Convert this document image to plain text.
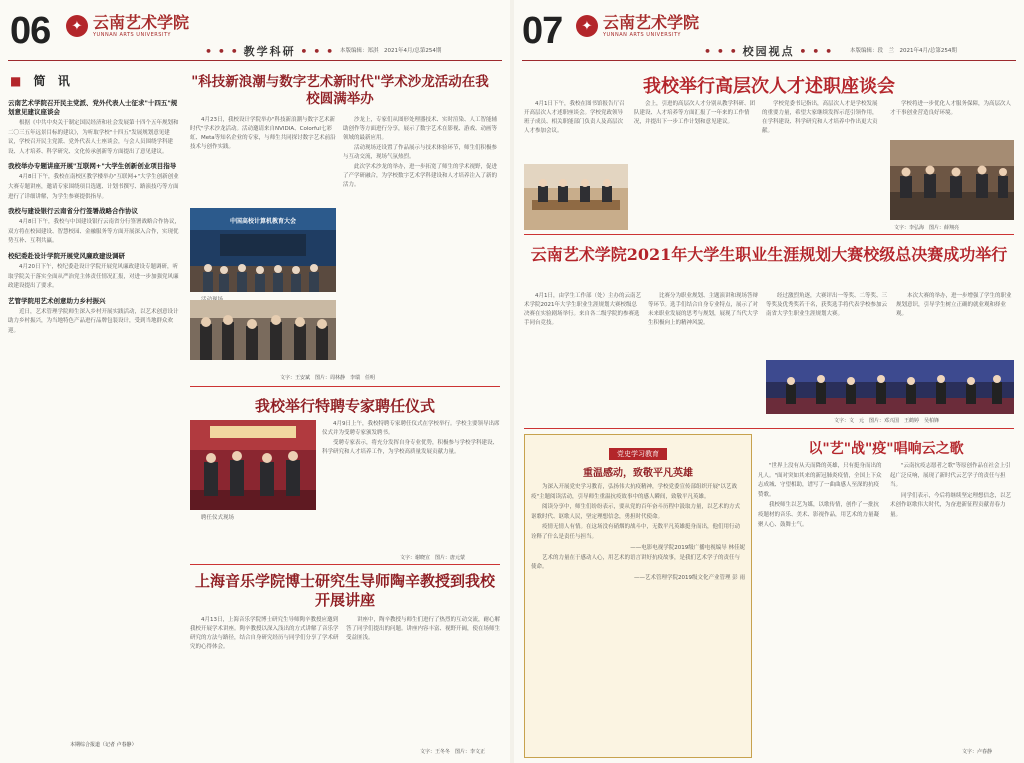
06	✦ 云南艺术学院
YUNNAN ARTS UNIVERSITY
• • • 教学科研 • • • 本版编辑：郑淇　2021年4月/总第254期
■ 简 讯
云南艺术学院召开民主党派、党外代表人士征求"十四五"规划意见建议座谈会

根据《中共中央关于制定国民经济和社会发展第十四个五年规划和二〇三五年远景目标的建议》，为听取学校"十四五"发展规划意见建议，学校召开民主党派、党外代表人士座谈会，与会人员围绕学科建设、人才培养、科学研究、文化传承创新等方面提出了意见建议。

我校举办专题讲座开展"互联网+"大学生创新创业项目指导

4月8日下午，我校在南校区教学楼举办"互联网+"大学生创新创业大赛专题讲座，邀请专家围绕项目选题、计划书撰写、路演技巧等方面进行了详细讲解，为学生参赛提供指导。

我校与建设银行云南省分行签署战略合作协议

4月8日下午，我校与中国建设银行云南省分行签署战略合作协议，双方将在校园建设、智慧校园、金融服务等方面开展深入合作，实现优势互补、互利共赢。

校纪委赴设计学院开展党风廉政建设调研

4月20日下午，校纪委赴设计学院开展党风廉政建设专题调研，听取学院关于落实全面从严治党主体责任情况汇报，对进一步加强党风廉政建设提出了要求。

艺管学院用艺术创意助力乡村振兴

近日，艺术管理学院师生深入乡村开展实践活动，以艺术创意设计助力乡村振兴，为当地特色产品进行品牌包装设计，受到当地群众欢迎。

本期综合报道（记者 卢春静）
"科技新浪潮与数字艺术新时代"学术沙龙活动在我校圆满举办

4月23日，我校设计学院举办"科技新浪潮与数字艺术新时代"学术沙龙活动。活动邀请来自NVIDIA、Colorful七彩虹、Meta等知名企业的专家，与师生共同探讨数字艺术前沿技术与创作实践。

沙龙上，专家们从图形处理器技术、实时渲染、人工智能辅助创作等方面进行分享，展示了数字艺术在影视、游戏、动画等领域的最新应用。

活动现场还设置了作品展示与技术体验环节，师生们积极参与互动交流，现场气氛热烈。

此次学术沙龙的举办，进一步拓宽了师生的学术视野，促进了产学研融合，为学校数字艺术学科建设和人才培养注入了新的活力。

中国高校计算机教育大会

文字：王安斌　图片：周林静　李瑞　任明
我校举行特聘专家聘任仪式

4月9日上午，我校特聘专家聘任仪式在学校举行。学校主要领导出席仪式并为受聘专家颁发聘书。

受聘专家表示，将充分发挥自身专业优势，积极参与学校学科建设、科学研究和人才培养工作，为学校高质量发展贡献力量。

聘任仪式现场

文字：谢晓宣　图片：唐元蒙
上海音乐学院博士研究生导师陶辛教授到我校开展讲座

4月13日，上海音乐学院博士研究生导师陶辛教授应邀到我校开展学术讲座。陶辛教授以深入浅出的方式讲解了音乐学研究的方法与路径，结合自身研究经历与同学们分享了学术研究的心得体会。

讲座中，陶辛教授与师生们进行了热烈的互动交流，耐心解答了同学们提出的问题。讲座内容丰富、视野开阔，使在场师生受益匪浅。

文字：王冬冬　图片：李文正
07	✦ 云南艺术学院
YUNNAN ARTS UNIVERSITY
• • • 校园视点 • • •	本版编辑：段　兰　2021年4月/总第254期
我校举行高层次人才述职座谈会

4月1日下午，我校在图书馆报告厅召开高层次人才述职座谈会。学校党政领导班子成员、相关职能部门负责人及高层次人才参加会议。

会上，引进的高层次人才分别从教学科研、团队建设、人才培养等方面汇报了一年来的工作情况，并提出下一步工作计划和意见建议。

学校党委书记指出，高层次人才是学校发展的重要力量，希望大家继续发挥示范引领作用，在学科建设、科学研究和人才培养中作出更大贡献。

学校将进一步优化人才服务保障，为高层次人才干事创业营造良好环境。

文字：李弘海　图片：薛翔亮
云南艺术学院2021年大学生职业生涯规划大赛校级总决赛成功举行

4月1日，由学生工作部（处）主办的云南艺术学院2021年大学生职业生涯规划大赛校级总决赛在实验剧场举行。来自各二级学院的参赛选手同台竞技。

比赛分为职业规划、主题演讲和现场答辩等环节。选手们结合自身专业特点，展示了对未来职业发展的思考与规划，展现了当代大学生积极向上的精神风貌。

经过激烈角逐，大赛评出一等奖、二等奖、三等奖及优秀奖若干名，获奖选手将代表学校参加云南省大学生职业生涯规划大赛。

本次大赛的举办，进一步增强了学生的职业规划意识，引导学生树立正确的就业观和择业观。

文字：文　元　图片：邓兴国　王鹤婷　吴柏锋
党史学习教育
重温感动，致敬平凡英雄

为深入开展党史学习教育，弘扬伟大抗疫精神，学校党委宣传部组织开展"以艺战疫"主题阅读活动，引导师生重温抗疫故事中的感人瞬间，致敬平凡英雄。

阅读分享中，师生们纷纷表示，要从党的百年奋斗历程中汲取力量，以艺术的方式讴歌时代、讴歌人民，坚定理想信念，勇担时代使命。

疫情无情人有情。在这场没有硝烟的战斗中，无数平凡英雄挺身而出，他们用行动诠释了什么是责任与担当。

——电影电视学院2019级广播电视编导 林佳妮

艺术的力量在于感动人心，用艺术的语言讲好抗疫故事，是我们艺术学子的责任与使命。

——艺术管理学院2019级文化产业管理 彭 雨

以"艺"战"疫"唱响云之歌

"世界上没有从天而降的英雄，只有挺身而出的凡人。"面对突如其来的新冠肺炎疫情，全国上下众志成城、守望相助，谱写了一曲曲感人至深的抗疫赞歌。

我校师生以艺为媒，以歌传情，创作了一批抗疫题材的音乐、美术、影视作品，用艺术的力量凝聚人心、鼓舞士气。

"云南抗疫志愿者之歌"等原创作品在社会上引起广泛反响，展现了新时代云艺学子的责任与担当。

同学们表示，今后将继续坚定理想信念，以艺术创作讴歌伟大时代，为奋进新征程贡献青春力量。

文字：卢春静
